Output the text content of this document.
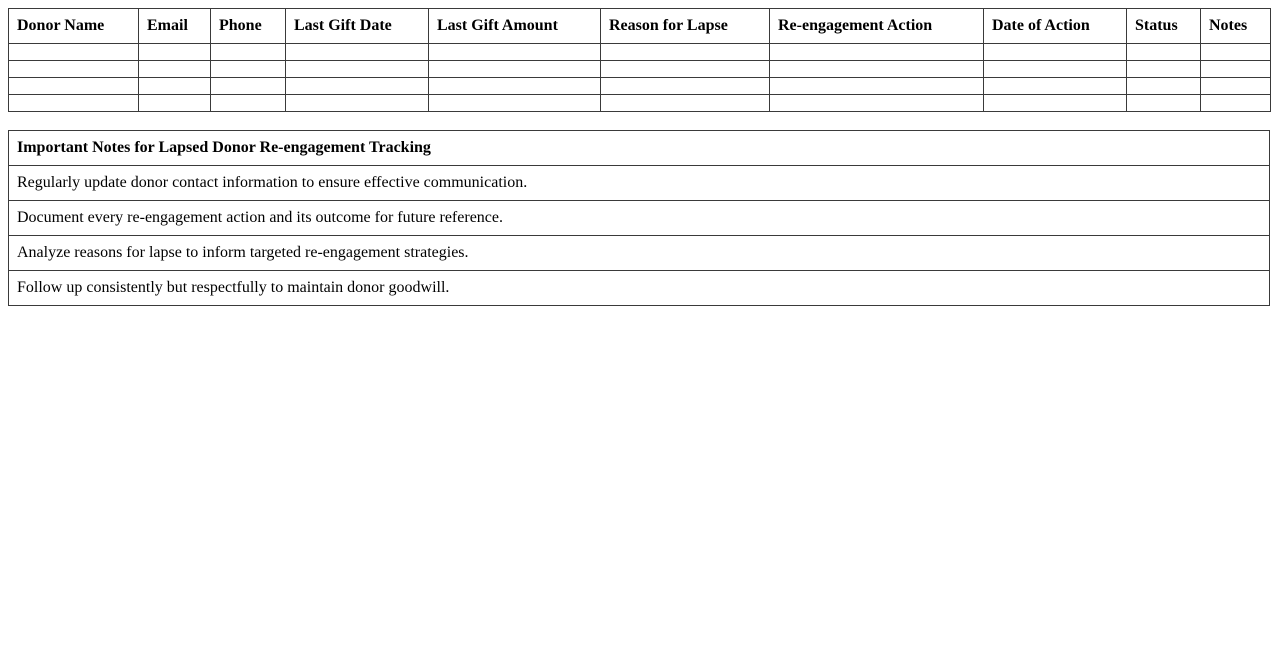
Donor Name	Email	Phone	Last Gift Date	Last Gift Amount	Reason for Lapse	Re-engagement Action	Date of Action	Status	Notes

Important Notes for Lapsed Donor Re-engagement Tracking
Regularly update donor contact information to ensure effective communication.
Document every re-engagement action and its outcome for future reference.
Analyze reasons for lapse to inform targeted re-engagement strategies.
Follow up consistently but respectfully to maintain donor goodwill.
